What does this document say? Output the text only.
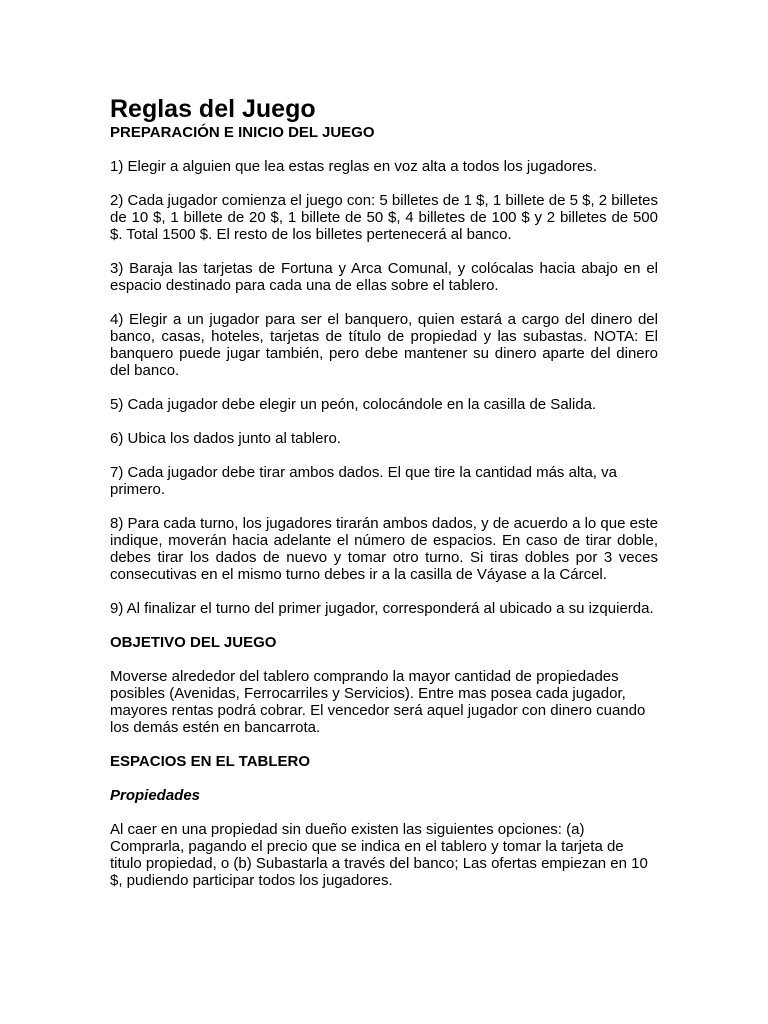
Reglas del Juego
PREPARACIÓN E INICIO DEL JUEGO

1) Elegir a alguien que lea estas reglas en voz alta a todos los jugadores.

2) Cada jugador comienza el juego con: 5 billetes de 1 $, 1 billete de 5 $, 2 billetes de 10 $, 1 billete de 20 $, 1 billete de 50 $, 4 billetes de 100 $ y 2 billetes de 500 $. Total 1500 $. El resto de los billetes pertenecerá al banco.

3) Baraja las tarjetas de Fortuna y Arca Comunal, y colócalas hacia abajo en el espacio destinado para cada una de ellas sobre el tablero.

4) Elegir a un jugador para ser el banquero, quien estará a cargo del dinero del banco, casas, hoteles, tarjetas de título de propiedad y las subastas. NOTA: El banquero puede jugar también, pero debe mantener su dinero aparte del dinero del banco.

5) Cada jugador debe elegir un peón, colocándole en la casilla de Salida.

6) Ubica los dados junto al tablero.

7) Cada jugador debe tirar ambos dados. El que tire la cantidad más alta, va primero.

8) Para cada turno, los jugadores tirarán ambos dados, y de acuerdo a lo que este indique, moverán hacia adelante el número de espacios. En caso de tirar doble, debes tirar los dados de nuevo y tomar otro turno. Si tiras dobles por 3 veces consecutivas en el mismo turno debes ir a la casilla de Váyase a la Cárcel.

9) Al finalizar el turno del primer jugador, corresponderá al ubicado a su izquierda.

OBJETIVO DEL JUEGO

Moverse alrededor del tablero comprando la mayor cantidad de propiedades posibles (Avenidas, Ferrocarriles y Servicios). Entre mas posea cada jugador, mayores rentas podrá cobrar. El vencedor será aquel jugador con dinero cuando los demás estén en bancarrota.

ESPACIOS EN EL TABLERO
Propiedades

Al caer en una propiedad sin dueño existen las siguientes opciones: (a) Comprarla, pagando el precio que se indica en el tablero y tomar la tarjeta de titulo propiedad, o (b) Subastarla a través del banco; Las ofertas empiezan en 10 $, pudiendo participar todos los jugadores.
